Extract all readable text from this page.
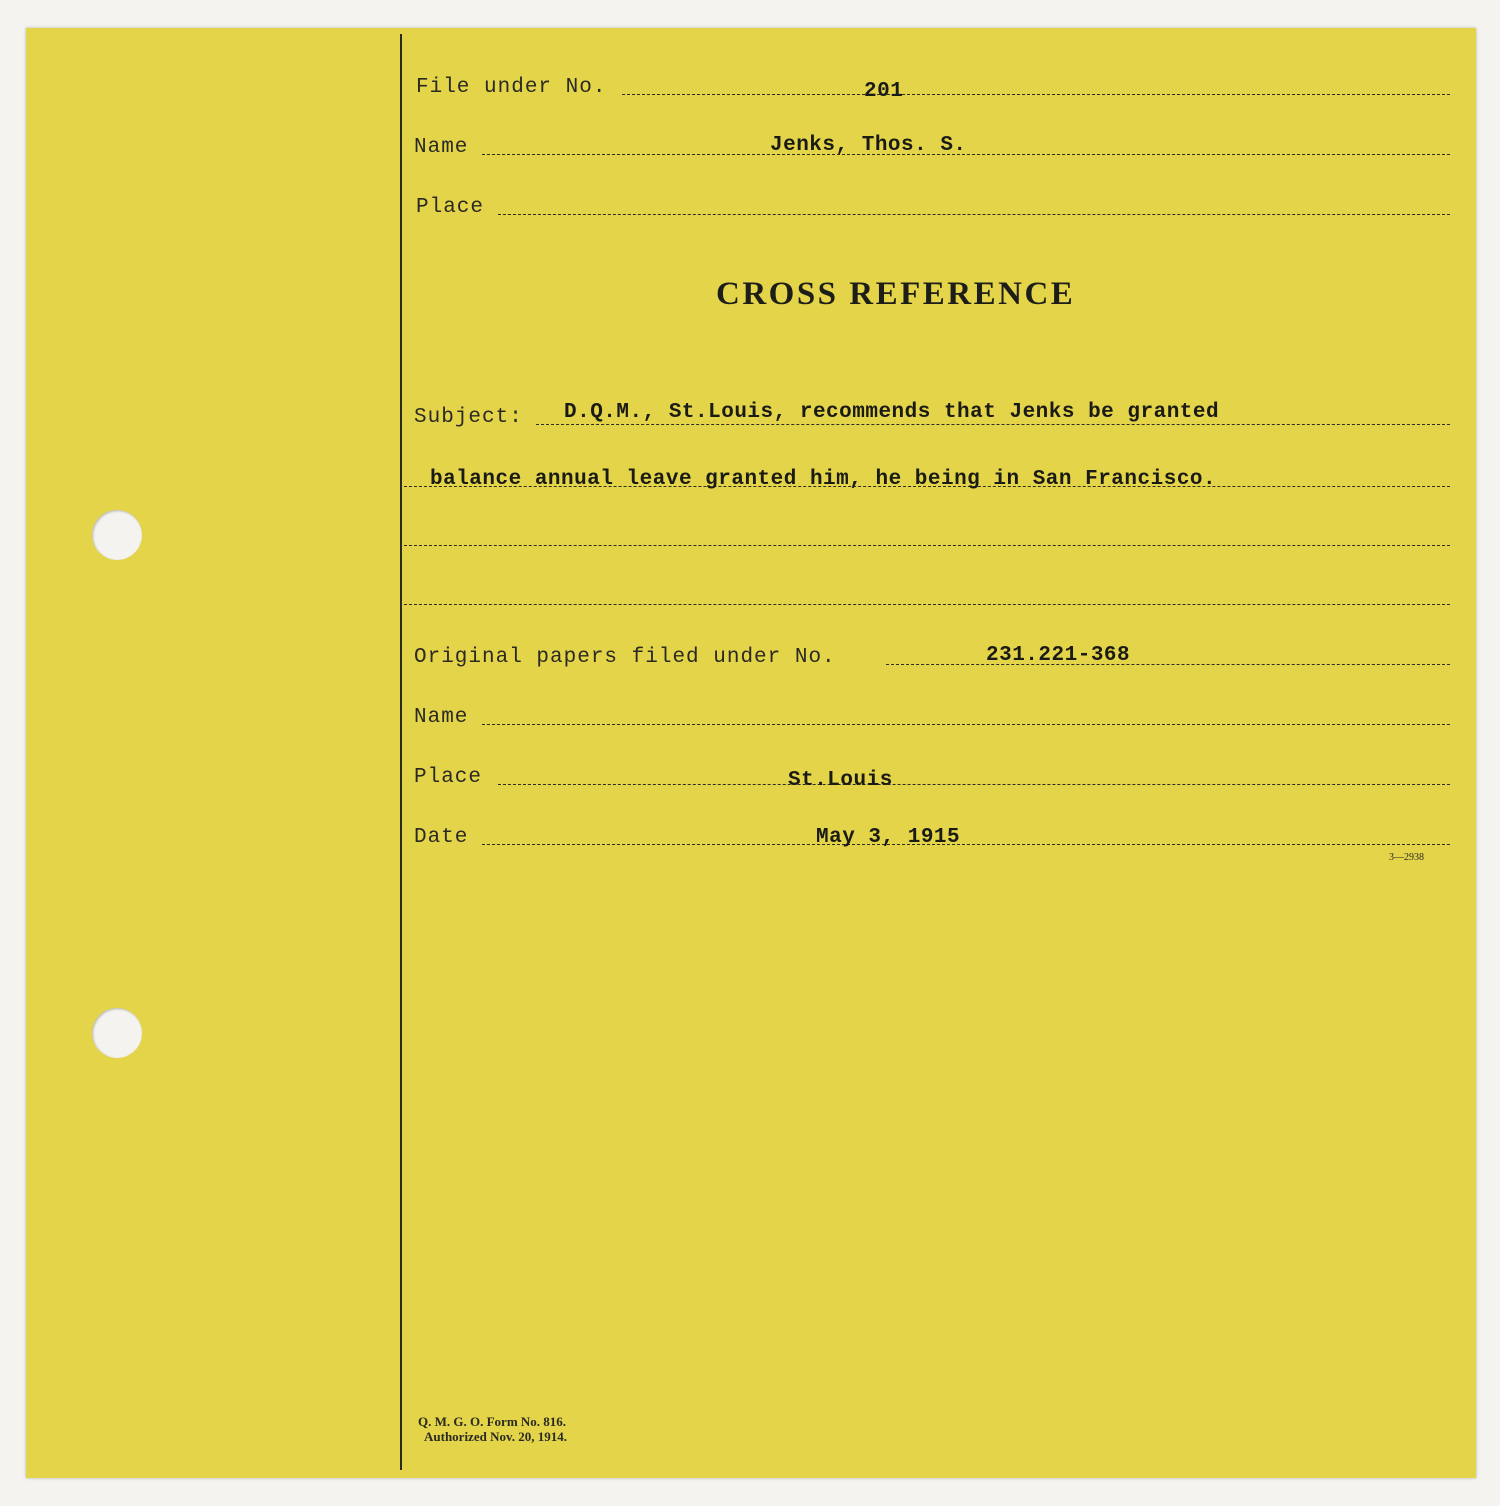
File under No.	201
Name	Jenks, Thos. S.
Place
CROSS REFERENCE
Subject: D.Q.M., St.Louis, recommends that Jenks be granted
balance annual leave granted him, he being in San Francisco.
Original papers filed under No.	231.221-368
Name
Place	St.Louis
Date	May 3, 1915
3—2938
Q. M. G. O. Form No. 816.
Authorized Nov. 20, 1914.
